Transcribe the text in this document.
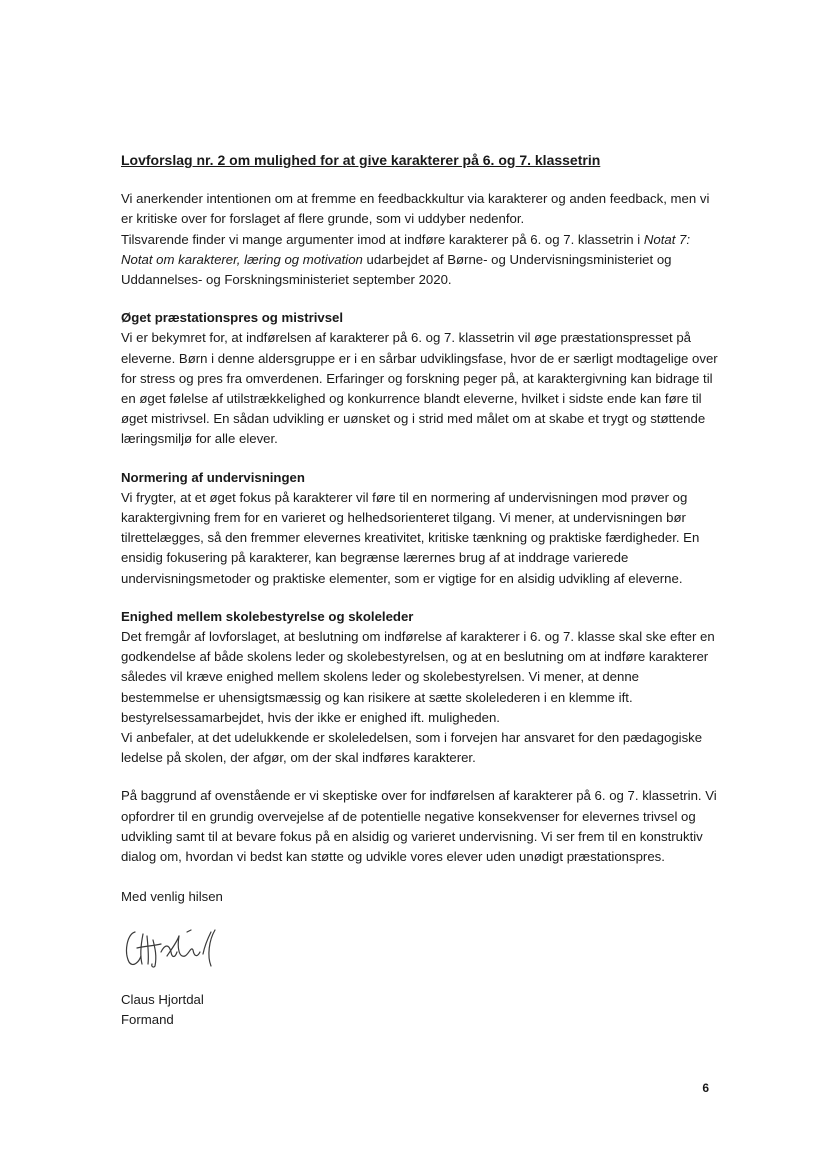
Lovforslag nr. 2 om mulighed for at give karakterer på 6. og 7. klassetrin

Vi anerkender intentionen om at fremme en feedbackkultur via karakterer og anden feedback, men vi er kritiske over for forslaget af flere grunde, som vi uddyber nedenfor.

Tilsvarende finder vi mange argumenter imod at indføre karakterer på 6. og 7. klassetrin i Notat 7: Notat om karakterer, læring og motivation udarbejdet af Børne- og Undervisningsministeriet og Uddannelses- og Forskningsministeriet september 2020.

Øget præstationspres og mistrivsel

Vi er bekymret for, at indførelsen af karakterer på 6. og 7. klassetrin vil øge præstationspresset på eleverne. Børn i denne aldersgruppe er i en sårbar udviklingsfase, hvor de er særligt modtagelige over for stress og pres fra omverdenen. Erfaringer og forskning peger på, at karaktergivning kan bidrage til en øget følelse af utilstrækkelighed og konkurrence blandt eleverne, hvilket i sidste ende kan føre til øget mistrivsel. En sådan udvikling er uønsket og i strid med målet om at skabe et trygt og støttende læringsmiljø for alle elever.

Normering af undervisningen

Vi frygter, at et øget fokus på karakterer vil føre til en normering af undervisningen mod prøver og karaktergivning frem for en varieret og helhedsorienteret tilgang. Vi mener, at undervisningen bør tilrettelægges, så den fremmer elevernes kreativitet, kritiske tænkning og praktiske færdigheder. En ensidig fokusering på karakterer, kan begrænse lærernes brug af at inddrage varierede undervisningsmetoder og praktiske elementer, som er vigtige for en alsidig udvikling af eleverne.

Enighed mellem skolebestyrelse og skoleleder

Det fremgår af lovforslaget, at beslutning om indførelse af karakterer i 6. og 7. klasse skal ske efter en godkendelse af både skolens leder og skolebestyrelsen, og at en beslutning om at indføre karakterer således vil kræve enighed mellem skolens leder og skolebestyrelsen. Vi mener, at denne bestemmelse er uhensigtsmæssig og kan risikere at sætte skolelederen i en klemme ift. bestyrelsessamarbejdet, hvis der ikke er enighed ift. muligheden.

Vi anbefaler, at det udelukkende er skoleledelsen, som i forvejen har ansvaret for den pædagogiske ledelse på skolen, der afgør, om der skal indføres karakterer.

På baggrund af ovenstående er vi skeptiske over for indførelsen af karakterer på 6. og 7. klassetrin. Vi opfordrer til en grundig overvejelse af de potentielle negative konsekvenser for elevernes trivsel og udvikling samt til at bevare fokus på en alsidig og varieret undervisning. Vi ser frem til en konstruktiv dialog om, hvordan vi bedst kan støtte og udvikle vores elever uden unødigt præstationspres.

Med venlig hilsen

Claus Hjortdal

Formand

6
